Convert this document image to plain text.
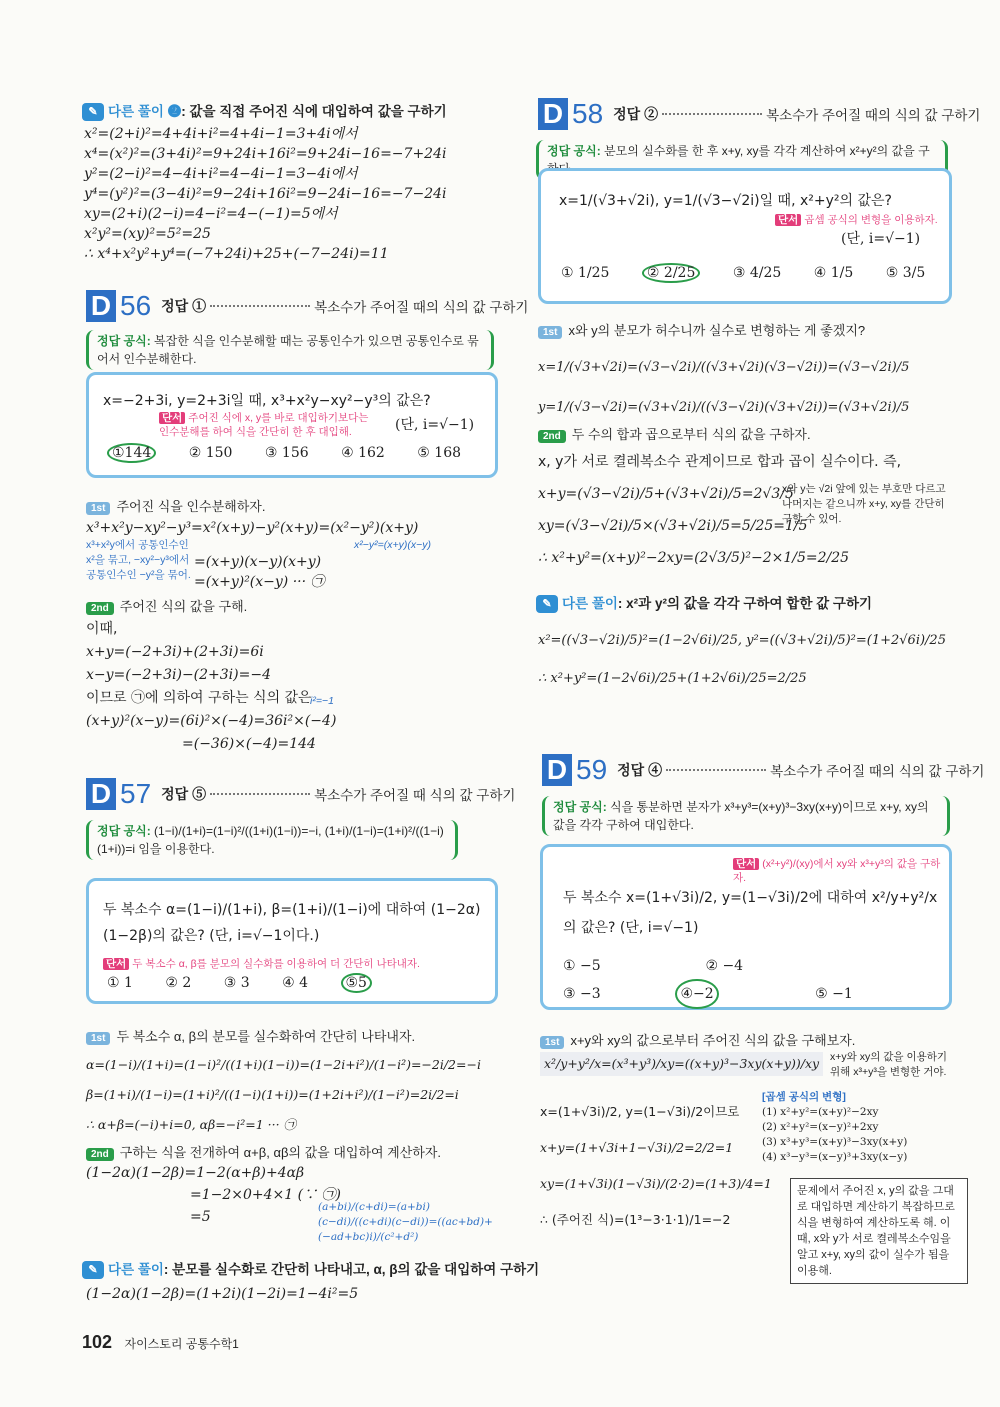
✎ 다른 풀이 ❷: 값을 직접 주어진 식에 대입하여 값을 구하기
x²=(2+i)²=4+4i+i²=4+4i−1=3+4i에서
x⁴=(x²)²=(3+4i)²=9+24i+16i²=9+24i−16=−7+24i
y²=(2−i)²=4−4i+i²=4−4i−1=3−4i에서
y⁴=(y²)²=(3−4i)²=9−24i+16i²=9−24i−16=−7−24i
xy=(2+i)(2−i)=4−i²=4−(−1)=5에서
x²y²=(xy)²=5²=25
∴ x⁴+x²y²+y⁴=(−7+24i)+25+(−7−24i)=11
D 56 정답 ①	복소수가 주어질 때의 식의 값 구하기
정답 공식: 복잡한 식을 인수분해할 때는 공통인수가 있으면 공통인수로 묶어서 인수분해한다.
x=−2+3i, y=2+3i일 때, x³+x²y−xy²−y³의 값은?
단서 주어진 식에 x, y를 바로 대입하기보다는 인수분해를 하여 식을 간단히 한 후 대입해.	(단, i=√−1)
①144	② 150 ③ 156 ④ 162 ⑤ 168
1st 주어진 식을 인수분해하자.
x³+x²y−xy²−y³=x²(x+y)−y²(x+y)=(x²−y²)(x+y)
x³+x²y에서 공통인수인 x²을 묶고, −xy²−y³에서 공통인수인 −y²을 묶어.
x²−y²=(x+y)(x−y)
=(x+y)(x−y)(x+y)
=(x+y)²(x−y) ··· ㉠
2nd 주어진 식의 값을 구해.
이때,
x+y=(−2+3i)+(2+3i)=6i
x−y=(−2+3i)−(2+3i)=−4
이므로 ㉠에 의하여 구하는 식의 값은
(x+y)²(x−y)=(6i)²×(−4)=36i²×(−4)
=(−36)×(−4)=144
i²=−1
D 57 정답 ⑤	복소수가 주어질 때 식의 값 구하기
정답 공식: (1−i)/(1+i)=(1−i)²/((1+i)(1−i))=−i, (1+i)/(1−i)=(1+i)²/((1−i)(1+i))=i 임을 이용한다.
두 복소수 α=(1−i)/(1+i), β=(1+i)/(1−i)에 대하여 (1−2α)(1−2β)의 값은? (단, i=√−1이다.)
단서 두 복소수 α, β를 분모의 실수화를 이용하여 더 간단히 나타내자.
① 1 ② 2 ③ 3 ④ 4	⑤5
1st 두 복소수 α, β의 분모를 실수화하여 간단히 나타내자.
α=(1−i)/(1+i)=(1−i)²/((1+i)(1−i))=(1−2i+i²)/(1−i²)=−2i/2=−i
β=(1+i)/(1−i)=(1+i)²/((1−i)(1+i))=(1+2i+i²)/(1−i²)=2i/2=i
∴ α+β=(−i)+i=0, αβ=−i²=1 ··· ㉠
2nd 구하는 식을 전개하여 α+β, αβ의 값을 대입하여 계산하자.
(1−2α)(1−2β)=1−2(α+β)+4αβ
=1−2×0+4×1 (∵ ㉠)
=5
(a+bi)/(c+di)=(a+bi)(c−di)/((c+di)(c−di))=((ac+bd)+(−ad+bc)i)/(c²+d²)
✎ 다른 풀이: 분모를 실수화로 간단히 나타내고, α, β의 값을 대입하여 구하기
(1−2α)(1−2β)=(1+2i)(1−2i)=1−4i²=5
D 58 정답 ②	복소수가 주어질 때의 식의 값 구하기
정답 공식: 분모의 실수화를 한 후 x+y, xy를 각각 계산하여 x²+y²의 값을 구
x=1/(√3+√2i), y=1/(√3−√2i)일 때, x²+y²의 값은?
단서 곱셈 공식의 변형을 이용하자.
(단, i=√−1)
① 1/25	② 2/25	③ 4/25 ④ 1/5 ⑤ 3/5
1st x와 y의 분모가 허수니까 실수로 변형하는 게 좋겠지?
x=1/(√3+√2i)=(√3−√2i)/((√3+√2i)(√3−√2i))=(√3−√2i)/5
y=1/(√3−√2i)=(√3+√2i)/((√3−√2i)(√3+√2i))=(√3+√2i)/5
2nd 두 수의 합과 곱으로부터 식의 값을 구하자.
x, y가 서로 켤레복소수 관계이므로 합과 곱이 실수이다. 즉,
x+y=(√3−√2i)/5+(√3+√2i)/5=2√3/5
xy=(√3−√2i)/5×(√3+√2i)/5=5/25=1/5
∴ x²+y²=(x+y)²−2xy=(2√3/5)²−2×1/5=2/25
x와 y는 √2i 앞에 있는 부호만 다르고 나머지는 같으니까 x+y, xy를 간단히 구할 수 있어.
✎ 다른 풀이: x²과 y²의 값을 각각 구하여 합한 값 구하기
x²=((√3−√2i)/5)²=(1−2√6i)/25, y²=((√3+√2i)/5)²=(1+2√6i)/25
∴ x²+y²=(1−2√6i)/25+(1+2√6i)/25=2/25
D 59 정답 ④	복소수가 주어질 때의 식의 값 구하기
정답 공식: 식을 통분하면 분자가 x³+y³=(x+y)³−3xy(x+y)이므로 x+y, xy의 값을 각각 구하여 대입한다.
단서 (x²+y²)/(xy)에서 xy와 x³+y³의 값을 구하자.
두 복소수 x=(1+√3i)/2, y=(1−√3i)/2에 대하여 x²/y+y²/x의 값은? (단, i=√−1)
① −5	② −4 ③ −3	④−2	⑤ −1
1st x+y와 xy의 값으로부터 주어진 식의 값을 구해보자.
x²/y+y²/x=(x³+y³)/xy=((x+y)³−3xy(x+y))/xy	x+y와 xy의 값을 이용하기 위해 x³+y³을 변형한 거야.
x=(1+√3i)/2, y=(1−√3i)/2이므로
x+y=(1+√3i+1−√3i)/2=2/2=1
xy=(1+√3i)(1−√3i)/(2·2)=(1+3)/4=1
∴ (주어진 식)=(1³−3·1·1)/1=−2
[곱셈 공식의 변형]
(1) x²+y²=(x+y)²−2xy
(2) x²+y²=(x−y)²+2xy
(3) x³+y³=(x+y)³−3xy(x+y)
(4) x³−y³=(x−y)³+3xy(x−y)
문제에서 주어진 x, y의 값을 그대로 대입하면 계산하기 복잡하므로 식을 변형하여 계산하도록 해. 이때, x와 y가 서로 켤레복소수임을 알고 x+y, xy의 값이 실수가 됨을 이용해.
102 자이스토리 공통수학1
